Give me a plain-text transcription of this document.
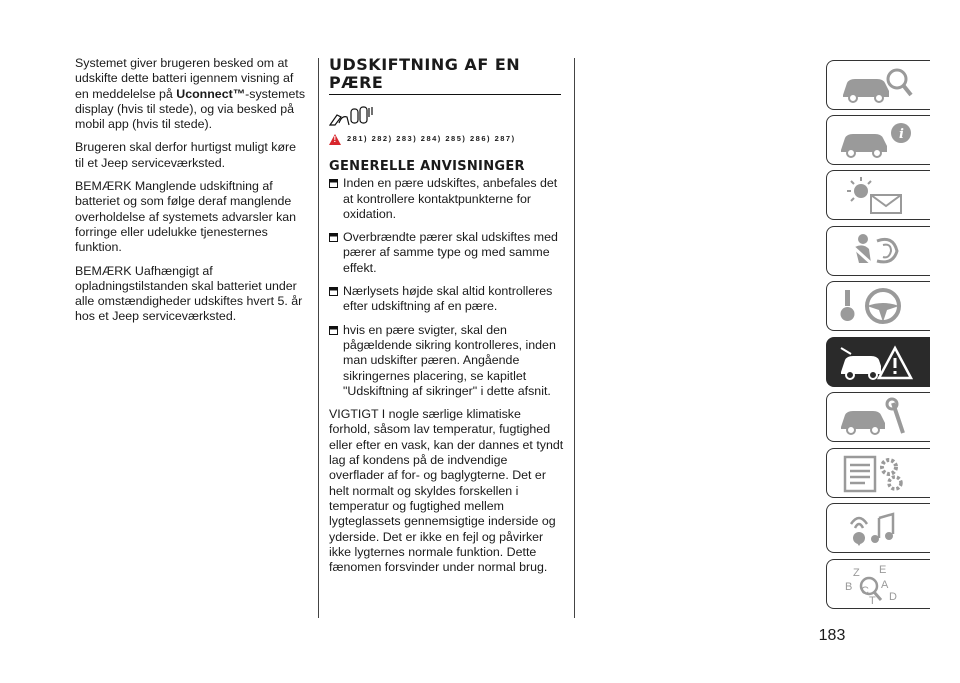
Systemet giver brugeren besked om at udskifte dette batteri igennem visning af en meddelelse på Uconnect™-systemets display (hvis til stede), og via besked på mobil app (hvis til stede).

Brugeren skal derfor hurtigst muligt køre til et Jeep serviceværksted.

BEMÆRK Manglende udskiftning af batteriet og som følge deraf manglende overholdelse af systemets advarsler kan forringe eller udelukke tjenesternes funktion.

BEMÆRK Uafhængigt af opladningstilstanden skal batteriet under alle omstændigheder udskiftes hvert 5. år hos et Jeep serviceværksted.

UDSKIFTNING AF EN PÆRE
! 281) 282) 283) 284) 285) 286) 287)
GENERELLE ANVISNINGER

Inden en pære udskiftes, anbefales det at kontrollere kontaktpunkterne for oxidation.

Overbrændte pærer skal udskiftes med pærer af samme type og med samme effekt.

Nærlysets højde skal altid kontrolleres efter udskiftning af en pære.

hvis en pære svigter, skal den pågældende sikring kontrolleres, inden man udskifter pæren. Angående sikringernes placering, se kapitlet "Udskiftning af sikringer" i dette afsnit.

VIGTIGT I nogle særlige klimatiske forhold, såsom lav temperatur, fugtighed eller efter en vask, kan der dannes et tyndt lag af kondens på de indvendige overflader af for- og baglygterne. Det er helt normalt og skyldes forskellen i temperatur og fugtighed mellem lygteglassets gennemsigtige inderside og yderside. Det er ikke en fejl og påvirker ikke lygternes normale funktion. Dette fænomen forsvinder under normal brug.

i
Z E
B	A
C D
T
183
